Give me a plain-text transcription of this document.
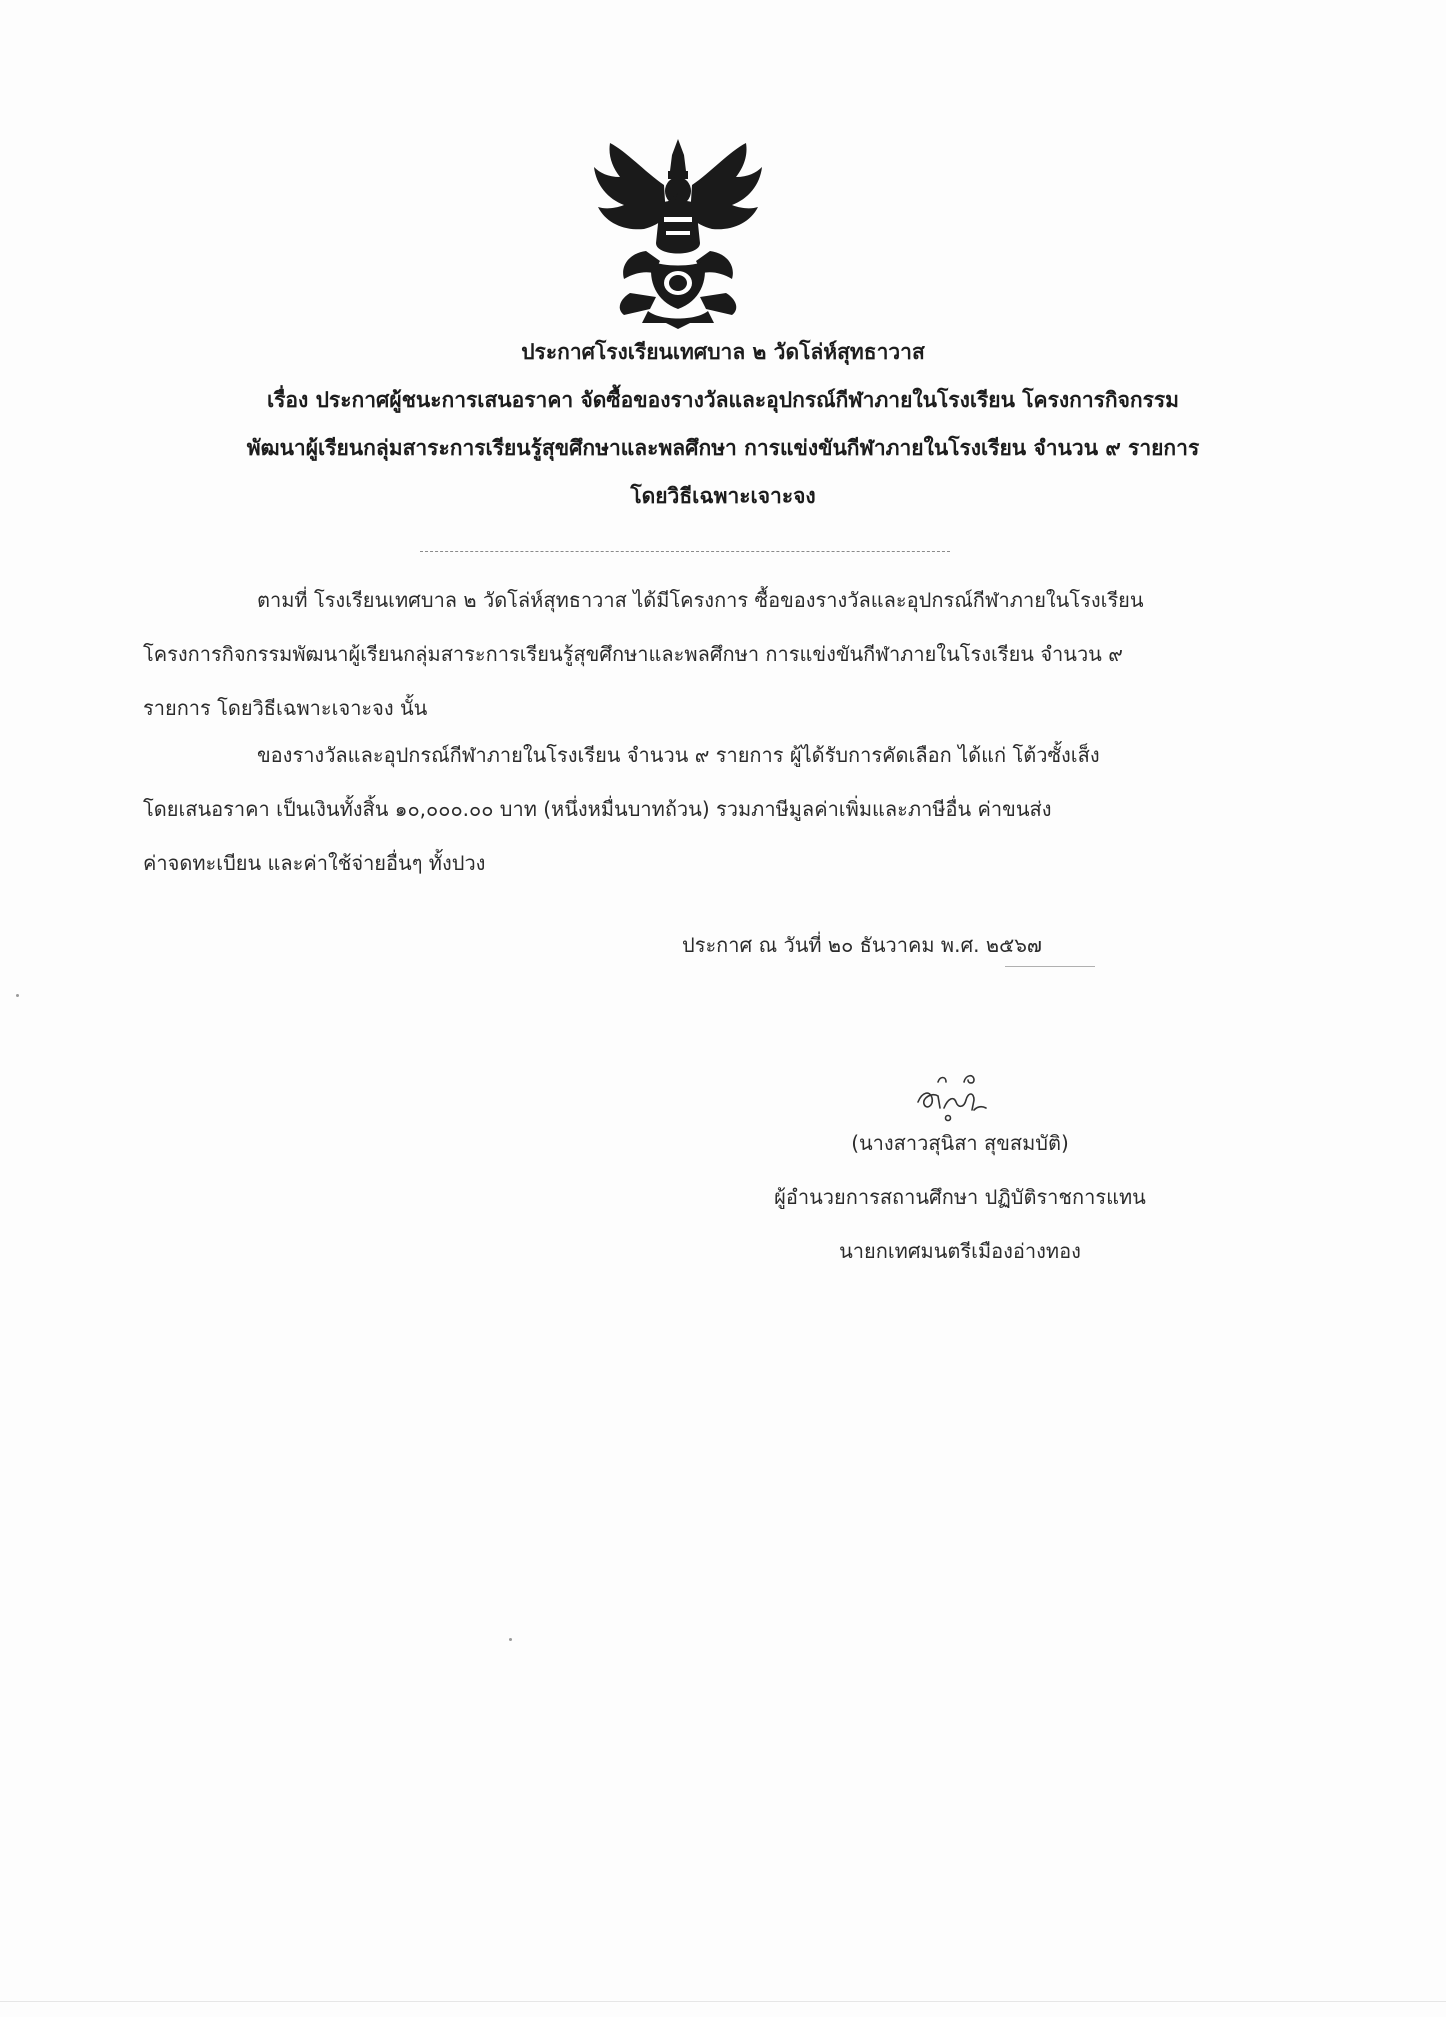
ประกาศโรงเรียนเทศบาล ๒ วัดโล่ห์สุทธาวาส
เรื่อง ประกาศผู้ชนะการเสนอราคา จัดซื้อของรางวัลและอุปกรณ์กีฬาภายในโรงเรียน โครงการกิจกรรม
พัฒนาผู้เรียนกลุ่มสาระการเรียนรู้สุขศึกษาและพลศึกษา การแข่งขันกีฬาภายในโรงเรียน จำนวน ๙ รายการ
โดยวิธีเฉพาะเจาะจง
ตามที่ โรงเรียนเทศบาล ๒ วัดโล่ห์สุทธาวาส ได้มีโครงการ ซื้อของรางวัลและอุปกรณ์กีฬาภายในโรงเรียน
โครงการกิจกรรมพัฒนาผู้เรียนกลุ่มสาระการเรียนรู้สุขศึกษาและพลศึกษา การแข่งขันกีฬาภายในโรงเรียน จำนวน ๙
รายการ โดยวิธีเฉพาะเจาะจง นั้น
ของรางวัลและอุปกรณ์กีฬาภายในโรงเรียน จำนวน ๙ รายการ ผู้ได้รับการคัดเลือก ได้แก่ โต้วซั้งเส็ง
โดยเสนอราคา เป็นเงินทั้งสิ้น ๑๐,๐๐๐.๐๐ บาท (หนึ่งหมื่นบาทถ้วน) รวมภาษีมูลค่าเพิ่มและภาษีอื่น ค่าขนส่ง
ค่าจดทะเบียน และค่าใช้จ่ายอื่นๆ ทั้งปวง
ประกาศ ณ วันที่ ๒๐ ธันวาคม พ.ศ. ๒๕๖๗
(นางสาวสุนิสา สุขสมบัติ)
ผู้อำนวยการสถานศึกษา ปฏิบัติราชการแทน
นายกเทศมนตรีเมืองอ่างทอง
